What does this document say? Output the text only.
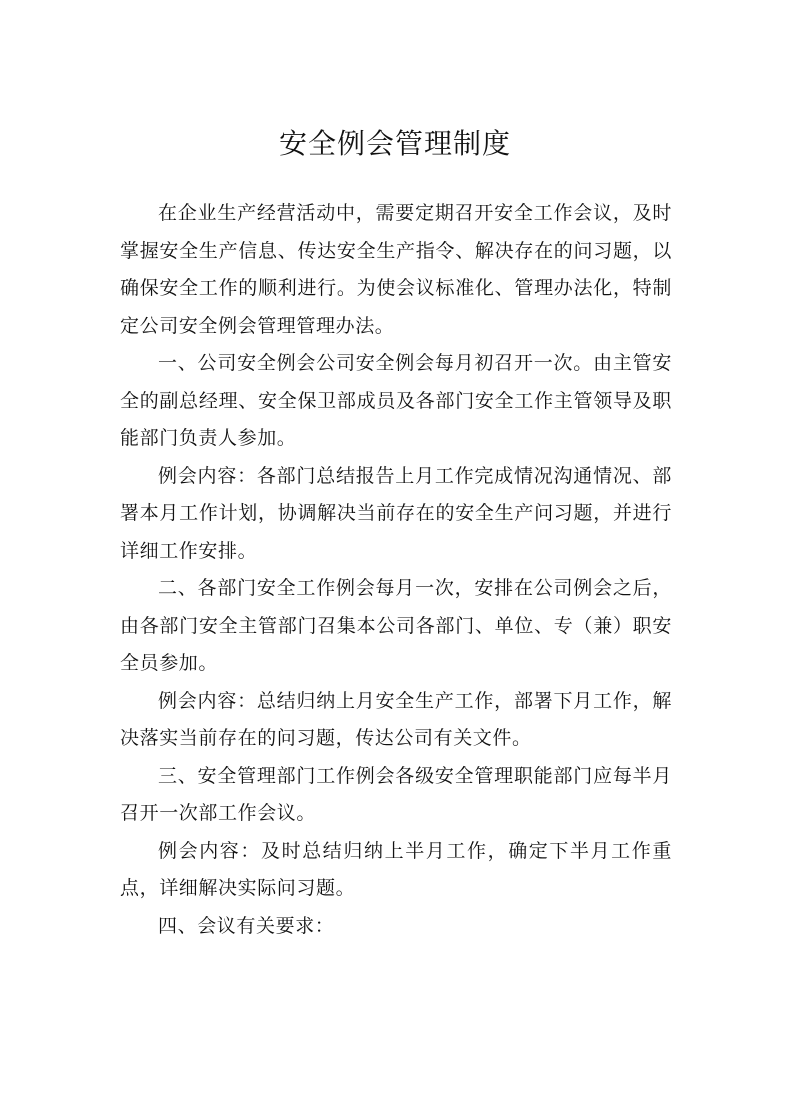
安全例会管理制度

在企业生产经营活动中，需要定期召开安全工作会议，及时掌握安全生产信息、传达安全生产指令、解决存在的问习题，以确保安全工作的顺利进行。为使会议标准化、管理办法化，特制定公司安全例会管理管理办法。

一、公司安全例会公司安全例会每月初召开一次。由主管安全的副总经理、安全保卫部成员及各部门安全工作主管领导及职能部门负责人参加。

例会内容：各部门总结报告上月工作完成情况沟通情况、部署本月工作计划，协调解决当前存在的安全生产问习题，并进行详细工作安排。

二、各部门安全工作例会每月一次，安排在公司例会之后，由各部门安全主管部门召集本公司各部门、单位、专（兼）职安全员参加。

例会内容：总结归纳上月安全生产工作，部署下月工作，解决落实当前存在的问习题，传达公司有关文件。

三、安全管理部门工作例会各级安全管理职能部门应每半月召开一次部工作会议。

例会内容：及时总结归纳上半月工作，确定下半月工作重点，详细解决实际问习题。

四、会议有关要求：
